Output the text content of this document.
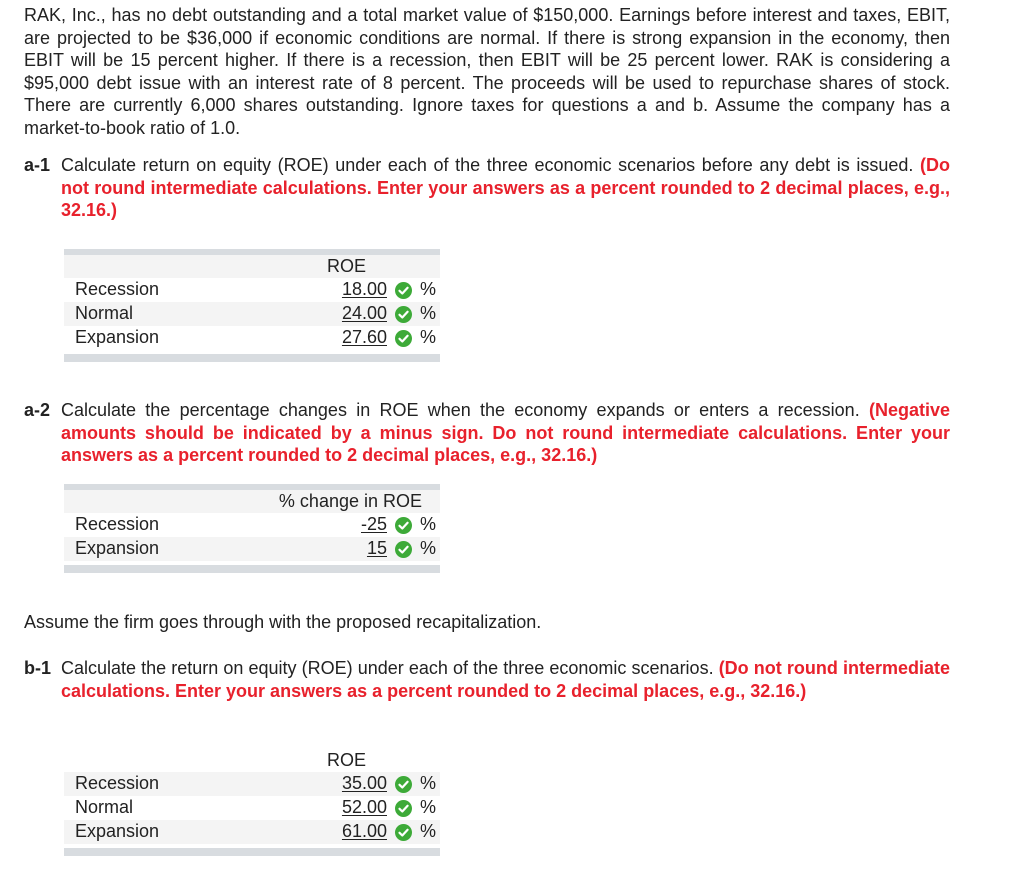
RAK, Inc., has no debt outstanding and a total market value of $150,000. Earnings before interest and taxes, EBIT, are projected to be $36,000 if economic conditions are normal. If there is strong expansion in the economy, then EBIT will be 15 percent higher. If there is a recession, then EBIT will be 25 percent lower. RAK is considering a $95,000 debt issue with an interest rate of 8 percent. The proceeds will be used to repurchase shares of stock. There are currently 6,000 shares outstanding. Ignore taxes for questions a and b. Assume the company has a market-to-book ratio of 1.0.

a-1 Calculate return on equity (ROE) under each of the three economic scenarios before any debt is issued. (Do not round intermediate calculations. Enter your answers as a percent rounded to 2 decimal places, e.g., 32.16.)

a-2 Calculate the percentage changes in ROE when the economy expands or enters a recession. (Negative amounts should be indicated by a minus sign. Do not round intermediate calculations. Enter your answers as a percent rounded to 2 decimal places, e.g., 32.16.)

Assume the firm goes through with the proposed recapitalization.

b-1 Calculate the return on equity (ROE) under each of the three economic scenarios. (Do not round intermediate calculations. Enter your answers as a percent rounded to 2 decimal places, e.g., 32.16.)

ROE
Recession	18.00 %
Normal	24.00 %
Expansion	27.60 %
% change in ROE
Recession	-25 %
Expansion	15 %
ROE
Recession	35.00 %
Normal	52.00 %
Expansion	61.00 %
